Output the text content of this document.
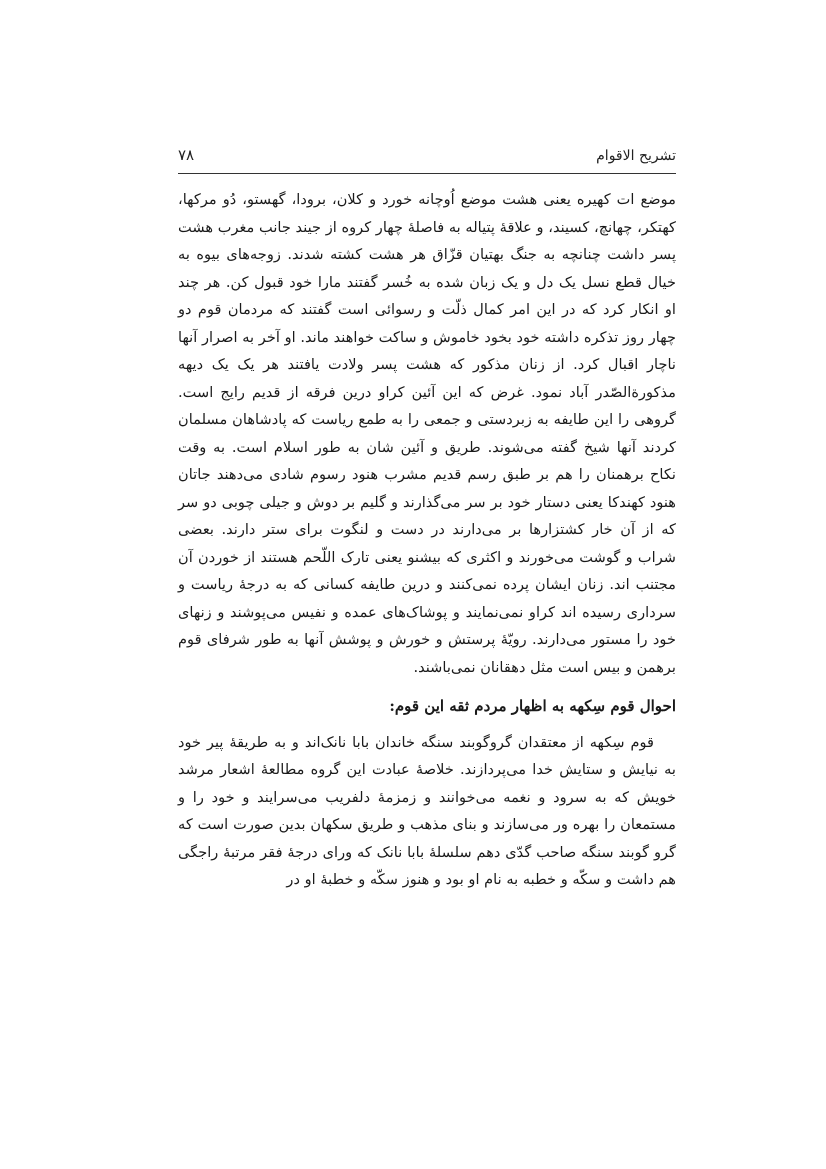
تشریح الاقوام
۷۸

موضع ات کهیره یعنی هشت موضع اُوچانه خورد و کلان، برودا، گهستو، دُو مرکها، کهتکر، چهانچ، کسیند، و علاقهٔ پتیاله به فاصلهٔ چهار کروه از جیند جانب مغرب هشت پسر داشت چنانچه به جنگ بهتیان قزّاق هر هشت کشته شدند. زوجه‌های بیوه به خیال قطع نسل یک دل و یک زبان شده به خُسر گفتند مارا خود قبول کن. هر چند او انکار کرد که در این امر کمال ذلّت و رسوائی است گفتند که مردمان قوم دو چهار روز تذکره داشته خود بخود خاموش و ساکت خواهند ماند. او آخر به اصرار آنها ناچار اقبال کرد. از زنان مذکور که هشت پسر ولادت یافتند هر یک یک دیهه مذکورةالصّدر آباد نمود. غرض که این آئین کراو درین فرقه از قدیم رایج است. گروهی را این طایفه به زبردستی و جمعی را به طمع ریاست که پادشاهان مسلمان کردند آنها شیخ گفته می‌شوند. طریق و آئین شان به طور اسلام است. به وقت نکاح برهمنان را هم بر طبق رسم قدیم مشرب هنود رسوم شادی می‌دهند جاتان هنود کهندکا یعنی دستار خود بر سر می‌گذارند و گلیم بر دوش و جیلی چوبی دو سر که از آن خار کشتزارها بر می‌دارند در دست و لنگوت برای ستر دارند. بعضی شراب و گوشت می‌خورند و اکثری که بیشنو یعنی تارک اللّحم هستند از خوردن آن مجتنب اند. زنان ایشان پرده نمی‌کنند و درین طایفه کسانی که به درجهٔ ریاست و سرداری رسیده اند کراو نمی‌نمایند و پوشاک‌های عمده و نفیس می‌پوشند و زنهای خود را مستور می‌دارند. رویّهٔ پرستش و خورش و پوشش آنها به طور شرفای قوم برهمن و بیس است مثل دهقانان نمی‌باشند.

احوال قوم سِکهه به اظهار مردم ثقه این قوم:

قوم سِکهه از معتقدان گروگوبند سنگه خاندان بابا نانک‌اند و به طریقهٔ پیر خود به نیایش و ستایش خدا می‌پردازند. خلاصهٔ عبادت این گروه مطالعهٔ اشعار مرشد خویش که به سرود و نغمه می‌خوانند و زمزمهٔ دلفریب می‌سرایند و خود را و مستمعان را بهره ور می‌سازند و بنای مذهب و طریق سکهان بدین صورت است که گرو گوبند سنگه صاحب گدّی دهم سلسلهٔ بابا نانک که ورای درجهٔ فقر مرتبهٔ راجگی هم داشت و سکّه و خطبه به نام او بود و هنوز سکّه و خطبهٔ او در
